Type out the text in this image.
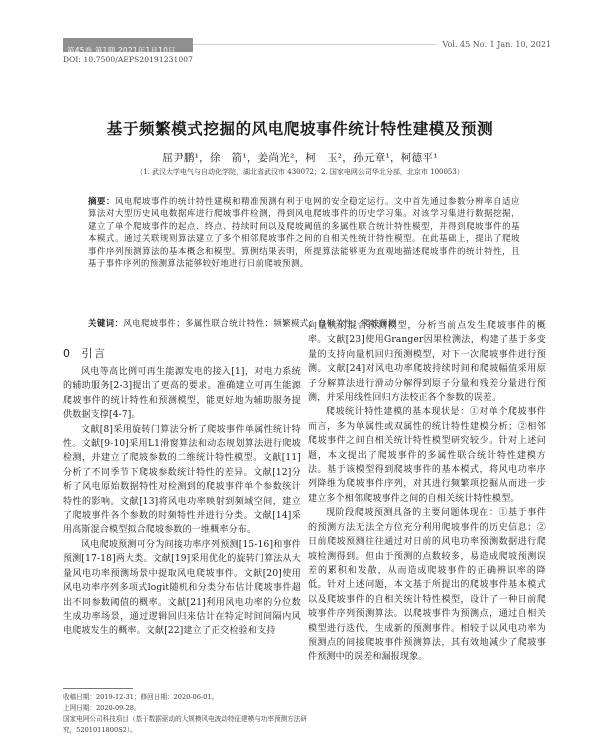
第45卷 第1期 2021年1月10日
Vol. 45 No. 1 Jan. 10, 2021
DOI: 10.7500/AEPS20191231007
基于频繁模式挖掘的风电爬坡事件统计特性建模及预测
屈尹鹏¹，徐　箭¹，姜尚光²，柯　玉²，孙元章¹，柯德平¹
（1. 武汉大学电气与自动化学院，湖北省武汉市 430072；2. 国家电网公司华北分部，北京市 100053）
摘要：风电爬坡事件的统计特性建模和精准预测有利于电网的安全稳定运行。文中首先通过参数分辨率自适应算法对大型历史风电数据库进行爬坡事件检测，得到风电爬坡事件的历史学习集。对该学习集进行数据挖掘，建立了单个爬坡事件的起点、终点、持续时间以及爬坡阈值的多属性联合统计特性模型，并得到爬坡事件的基本模式。通过关联规则算法建立了多个相邻爬坡事件之间的自相关性统计特性模型。在此基础上，提出了爬坡事件序列预测算法的基本概念和模型。算例结果表明，所提算法能够更为直观地描述爬坡事件的统计特性，且基于事件序列的预测算法能够较好地进行日前爬坡预测。
关键词：风电爬坡事件；多属性联合统计特性；频繁模式；自相关性；爬坡预测
0 引言

风电等高比例可再生能源发电的接入[1]，对电力系统的辅助服务[2-3]提出了更高的要求。准确建立可再生能源爬坡事件的统计特性和预测模型，能更好地为辅助服务提供数据支撑[4-7]。

文献[8]采用旋转门算法分析了爬坡事件单属性统计特性。文献[9-10]采用L1滑窗算法和动态规划算法进行爬坡检测，并建立了爬坡参数的二维统计特性模型。文献[11]分析了不同季节下爬坡参数统计特性的差异。文献[12]分析了风电原始数据特性对检测到的爬坡事件单个参数统计特性的影响。文献[13]将风电功率映射到频域空间，建立了爬坡事件各个参数的时频特性并进行分类。文献[14]采用高斯混合模型拟合爬坡参数的一维概率分布。

风电爬坡预测可分为间接功率序列预测[15-16]和事件预测[17-18]两大类。文献[19]采用优化的旋转门算法从大量风电功率预测场景中提取风电爬坡事件。文献[20]使用风电功率序列多项式logit随机和分类分布估计爬坡事件超出不同参数阈值的概率。文献[21]利用风电功率的分位数生成功率场景，通过逻辑回归来估计在特定时间间隔内风电爬坡发生的概率。文献[22]建立了正交检验和支持

向量机的混合预测模型，分析当前点发生爬坡事件的概率。文献[23]使用Granger因果检测法，构建了基于多变量的支持向量机回归预测模型，对下一次爬坡事件进行预测。文献[24]对风电功率爬坡持续时间和爬坡幅值采用原子分解算法进行滑动分解得到原子分量和残差分量进行预测，并采用线性回归方法校正各个参数的误差。

爬坡统计特性建模的基本现状是：①对单个爬坡事件而言，多为单属性或双属性的统计特性建模分析；②相邻爬坡事件之间自相关统计特性模型研究较少。针对上述问题，本文提出了爬坡事件的多属性联合统计特性建模方法。基于该模型得到爬坡事件的基本模式，将风电功率序列降维为爬坡事件序列，对其进行频繁项挖掘从而进一步建立多个相邻爬坡事件之间的自相关统计特性模型。

现阶段爬坡预测具备的主要问题体现在：①基于事件的预测方法无法全方位充分利用爬坡事件的历史信息；②日前爬坡预测往往通过对日前的风电功率预测数据进行爬坡检测得到。但由于预测的点数较多，易造成爬坡预测误差的累积和发散，从而造成爬坡事件的正确辨识率的降低。针对上述问题，本文基于所提出的爬坡事件基本模式以及爬坡事件的自相关统计特性模型，设计了一种日前爬坡事件序列预测算法。以爬坡事件为预测点，通过自相关模型进行迭代，生成新的预测事件。相较于以风电功率为预测点的间接爬坡事件预测算法，其有效地减少了爬坡事件预测中的误差和漏报现象。

收稿日期：2019-12-31；修回日期：2020-06-01。
上网日期：2020-09-28。
国家电网公司科技项目（基于数据驱动的大规模风电波动特征建模与功率预测方法研究，5201011800S2）。
